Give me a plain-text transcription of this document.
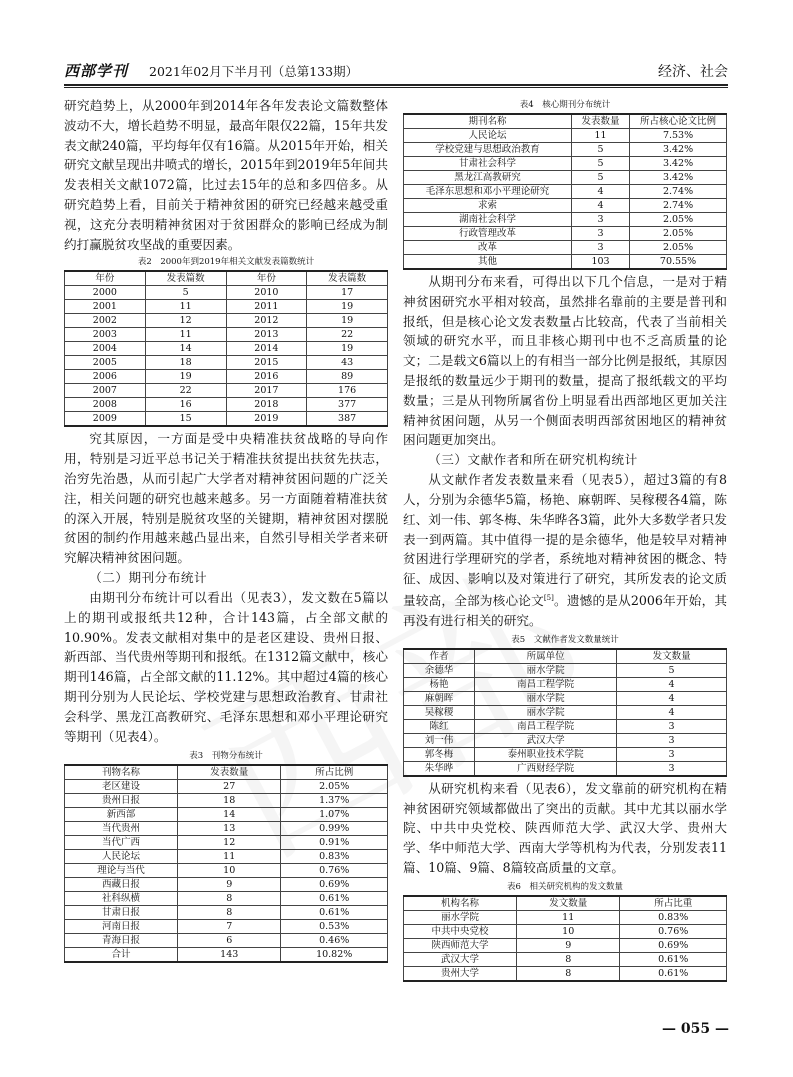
西部学刊 2021年02月下半月刊（总第133期）	经济、社会

研究趋势上，从2000年到2014年各年发表论文篇数整体波动不大，增长趋势不明显，最高年限仅22篇，15年共发表文献240篇，平均每年仅有16篇。从2015年开始，相关研究文献呈现出井喷式的增长，2015年到2019年5年间共发表相关文献1072篇，比过去15年的总和多四倍多。从研究趋势上看，目前关于精神贫困的研究已经越来越受重视，这充分表明精神贫困对于贫困群众的影响已经成为制约打赢脱贫攻坚战的重要因素。

表2　2000年到2019年相关文献发表篇数统计
年份	发表篇数	年份	发表篇数
2000	5	2010	17
2001	11	2011	19
2002	12	2012	19
2003	11	2013	22
2004	14	2014	19
2005	18	2015	43
2006	19	2016	89
2007	22	2017	176
2008	16	2018	377
2009	15	2019	387

究其原因，一方面是受中央精准扶贫战略的导向作用，特别是习近平总书记关于精准扶贫提出扶贫先扶志，治穷先治愚，从而引起广大学者对精神贫困问题的广泛关注，相关问题的研究也越来越多。另一方面随着精准扶贫的深入开展，特别是脱贫攻坚的关键期，精神贫困对摆脱贫困的制约作用越来越凸显出来，自然引导相关学者来研究解决精神贫困问题。

（二）期刊分布统计

由期刊分布统计可以看出（见表3），发文数在5篇以上的期刊或报纸共12种，合计143篇，占全部文献的10.90%。发表文献相对集中的是老区建设、贵州日报、新西部、当代贵州等期刊和报纸。在1312篇文献中，核心期刊146篇，占全部文献的11.12%。其中超过4篇的核心期刊分别为人民论坛、学校党建与思想政治教育、甘肃社会科学、黑龙江高教研究、毛泽东思想和邓小平理论研究等期刊（见表4）。

表3　刊物分布统计
刊物名称	发表数量	所占比例
老区建设	27	2.05%
贵州日报	18	1.37%
新西部	14	1.07%
当代贵州	13	0.99%
当代广西	12	0.91%
人民论坛	11	0.83%
理论与当代	10	0.76%
西藏日报	9	0.69%
社科纵横	8	0.61%
甘肃日报	8	0.61%
河南日报	7	0.53%
青海日报	6	0.46%
合计	143	10.82%
表4　核心期刊分布统计
期刊名称	发表数量	所占核心论文比例
人民论坛	11	7.53%
学校党建与思想政治教育	5	3.42%
甘肃社会科学	5	3.42%
黑龙江高教研究	5	3.42%
毛泽东思想和邓小平理论研究	4	2.74%
求索	4	2.74%
湖南社会科学	3	2.05%
行政管理改革	3	2.05%
改革	3	2.05%
其他	103	70.55%

从期刊分布来看，可得出以下几个信息，一是对于精神贫困研究水平相对较高，虽然排名靠前的主要是普刊和报纸，但是核心论文发表数量占比较高，代表了当前相关领域的研究水平，而且非核心期刊中也不乏高质量的论文；二是载文6篇以上的有相当一部分比例是报纸，其原因是报纸的数量远少于期刊的数量，提高了报纸载文的平均数量；三是从刊物所属省份上明显看出西部地区更加关注精神贫困问题，从另一个侧面表明西部贫困地区的精神贫困问题更加突出。

（三）文献作者和所在研究机构统计

从文献作者发表数量来看（见表5），超过3篇的有8人，分别为余德华5篇，杨艳、麻朝晖、吴稼稷各4篇，陈红、刘一伟、郭冬梅、朱华晔各3篇，此外大多数学者只发表一到两篇。其中值得一提的是余德华，他是较早对精神贫困进行学理研究的学者，系统地对精神贫困的概念、特征、成因、影响以及对策进行了研究，其所发表的论文质量较高，全部为核心论文[5]。遗憾的是从2006年开始，其再没有进行相关的研究。

表5　文献作者发文数量统计
作者	所属单位	发文数量
余德华	丽水学院	5
杨艳	南昌工程学院	4
麻朝晖	丽水学院	4
吴稼稷	丽水学院	4
陈红	南昌工程学院	3
刘一伟	武汉大学	3
郭冬梅	泰州职业技术学院	3
朱华晔	广西财经学院	3

从研究机构来看（见表6），发文靠前的研究机构在精神贫困研究领域都做出了突出的贡献。其中尤其以丽水学院、中共中央党校、陕西师范大学、武汉大学、贵州大学、华中师范大学、西南大学等机构为代表，分别发表11篇、10篇、9篇、8篇较高质量的文章。

表6　相关研究机构的发文数量
机构名称	发文数量	所占比重
丽水学院	11	0.83%
中共中央党校	10	0.76%
陕西师范大学	9	0.69%
武汉大学	8	0.61%
贵州大学	8	0.61%
— 055 —
